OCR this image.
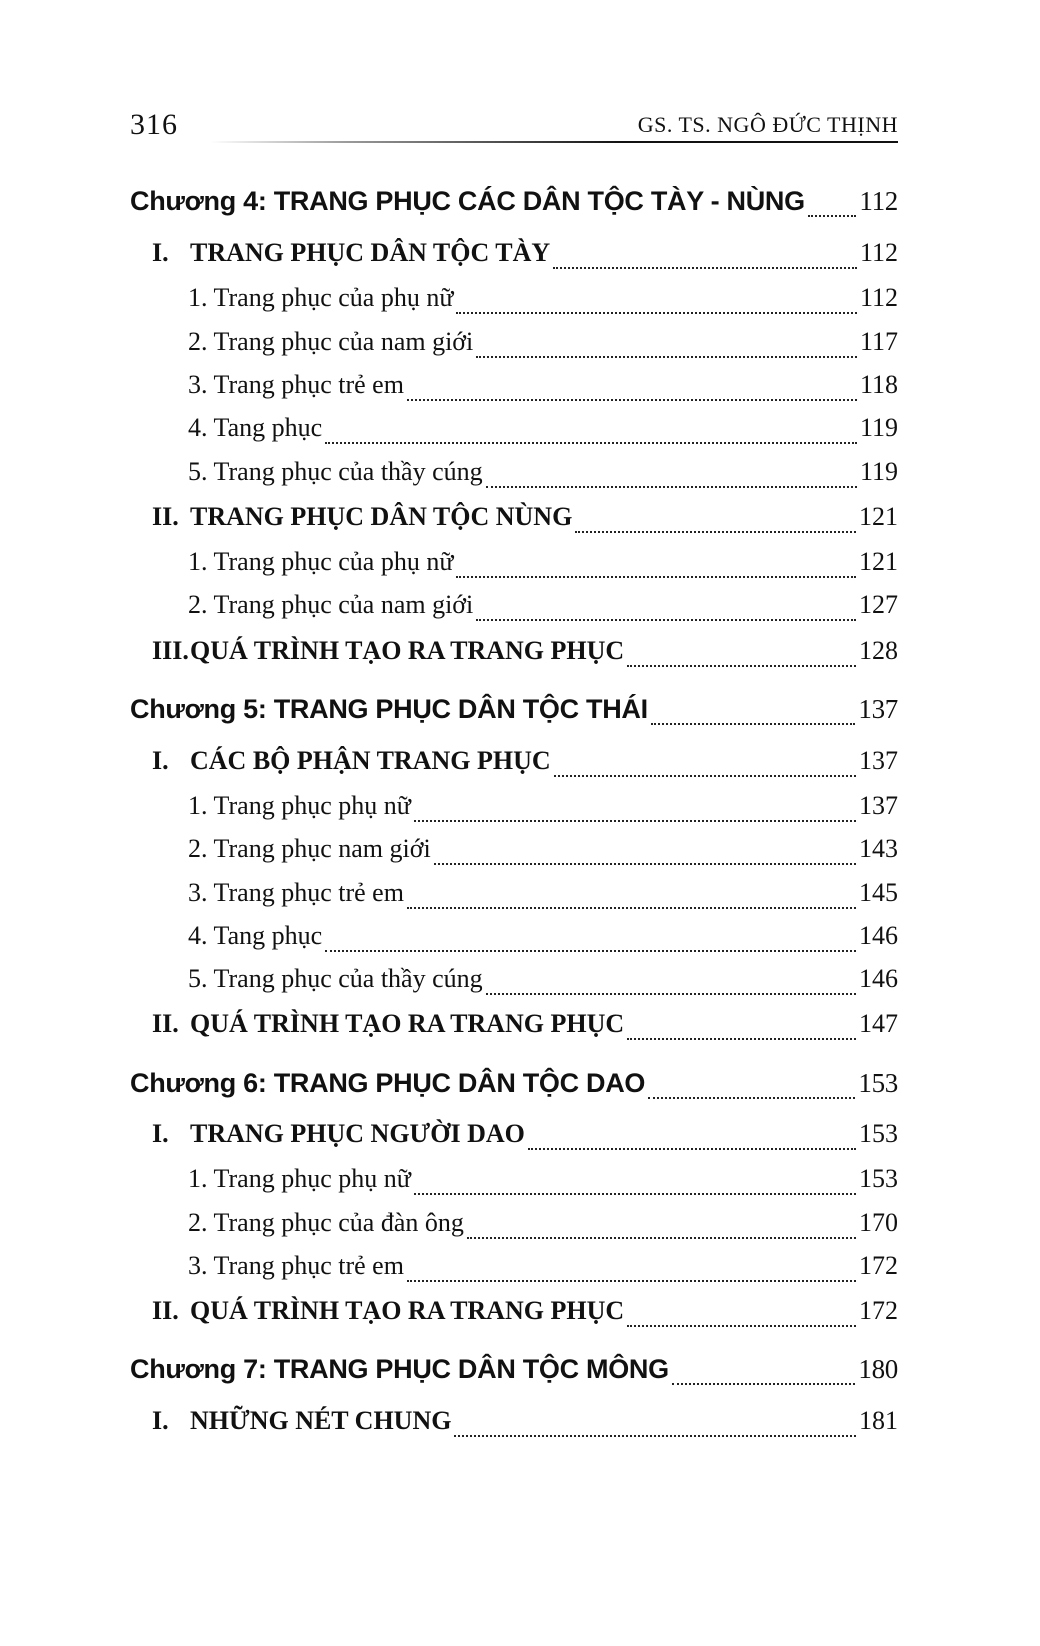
316	GS. TS. NGÔ ĐỨC THỊNH
Chương 4: TRANG PHỤC CÁC DÂN TỘC TÀY - NÙNG 112
I. TRANG PHỤC DÂN TỘC TÀY	112
1. Trang phục của phụ nữ	112
2. Trang phục của nam giới	117
3. Trang phục trẻ em	118
4. Tang phục	119
5. Trang phục của thầy cúng	119
II. TRANG PHỤC DÂN TỘC NÙNG	121
1. Trang phục của phụ nữ	121
2. Trang phục của nam giới	127
III.QUÁ TRÌNH TẠO RA TRANG PHỤC	128
Chương 5: TRANG PHỤC DÂN TỘC THÁI	137
I. CÁC BỘ PHẬN TRANG PHỤC	137
1. Trang phục phụ nữ	137
2. Trang phục nam giới	143
3. Trang phục trẻ em	145
4. Tang phục	146
5. Trang phục của thầy cúng	146
II. QUÁ TRÌNH TẠO RA TRANG PHỤC	147
Chương 6: TRANG PHỤC DÂN TỘC DAO	153
I. TRANG PHỤC NGƯỜI DAO	153
1. Trang phục phụ nữ	153
2. Trang phục của đàn ông	170
3. Trang phục trẻ em	172
II. QUÁ TRÌNH TẠO RA TRANG PHỤC	172
Chương 7: TRANG PHỤC DÂN TỘC MÔNG	180
I. NHỮNG NÉT CHUNG	181
